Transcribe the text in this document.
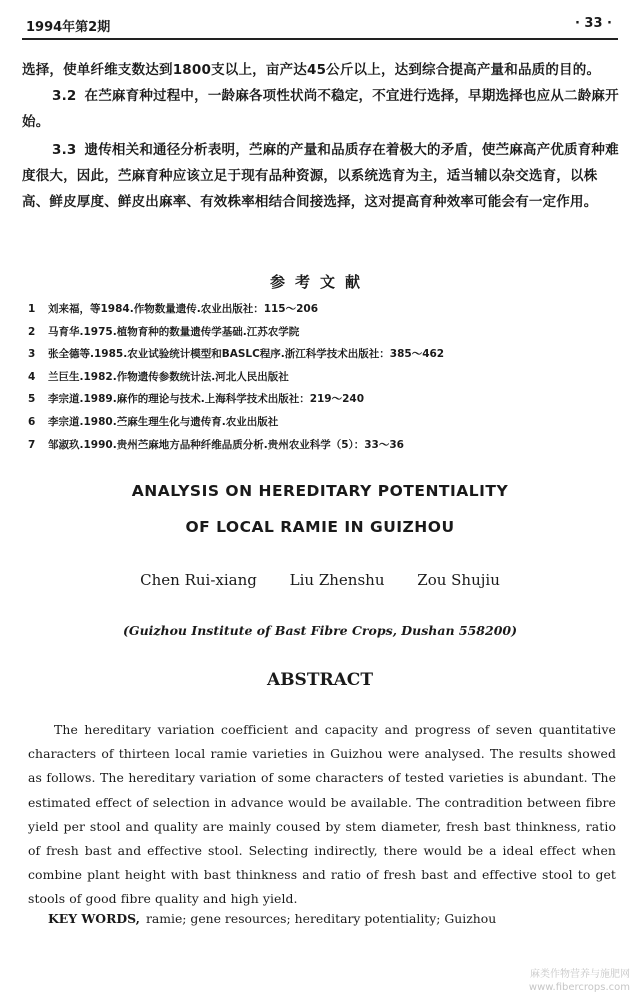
1994年第2期	· 33 ·
选择，使单纤维支数达到1800支以上，亩产达45公斤以上，达到综合提高产量和品质的目的。
3.2 在苎麻育种过程中，一龄麻各项性状尚不稳定，不宜进行选择，早期选择也应从二龄麻开始。
3.3 遗传相关和通径分析表明，苎麻的产量和品质存在着极大的矛盾，使苎麻高产优质育种难度很大，因此，苎麻育种应该立足于现有品种资源，以系统选育为主，适当辅以杂交选育，以株高、鲜皮厚度、鲜皮出麻率、有效株率相结合间接选择，这对提高育种效率可能会有一定作用。
参考文献
1 刘来福，等1984.作物数量遗传.农业出版社：115～206
2 马育华.1975.植物育种的数量遗传学基础.江苏农学院
3 张全德等.1985.农业试验统计模型和BASLC程序.浙江科学技术出版社：385～462
4 兰巨生.1982.作物遗传参数统计法.河北人民出版社
5 李宗道.1989.麻作的理论与技术.上海科学技术出版社：219～240
6 李宗道.1980.苎麻生理生化与遗传育.农业出版社
7 邹淑玖.1990.贵州苎麻地方品种纤维品质分析.贵州农业科学（5）：33～36
ANALYSIS ON HEREDITARY POTENTIALITY
OF LOCAL RAMIE IN GUIZHOU
Chen Rui-xiang Liu Zhenshu Zou Shujiu
(Guizhou Institute of Bast Fibre Crops, Dushan 558200)
ABSTRACT
The hereditary variation coefficient and capacity and progress of seven quantitative characters of thirteen local ramie varieties in Guizhou were analysed. The results showed as follows. The hereditary variation of some characters of tested varieties is abundant. The estimated effect of selection in advance would be available. The contradition between fibre yield per stool and quality are mainly coused by stem diameter, fresh bast thinkness, ratio of fresh bast and effective stool. Selecting indirectly, there would be a ideal effect when combine plant height with bast thinkness and ratio of fresh bast and effective stool to get stools of good fibre quality and high yield.
KEY WORDS, ramie; gene resources; hereditary potentiality; Guizhou
麻类作物营养与施肥网
www.fibercrops.com
